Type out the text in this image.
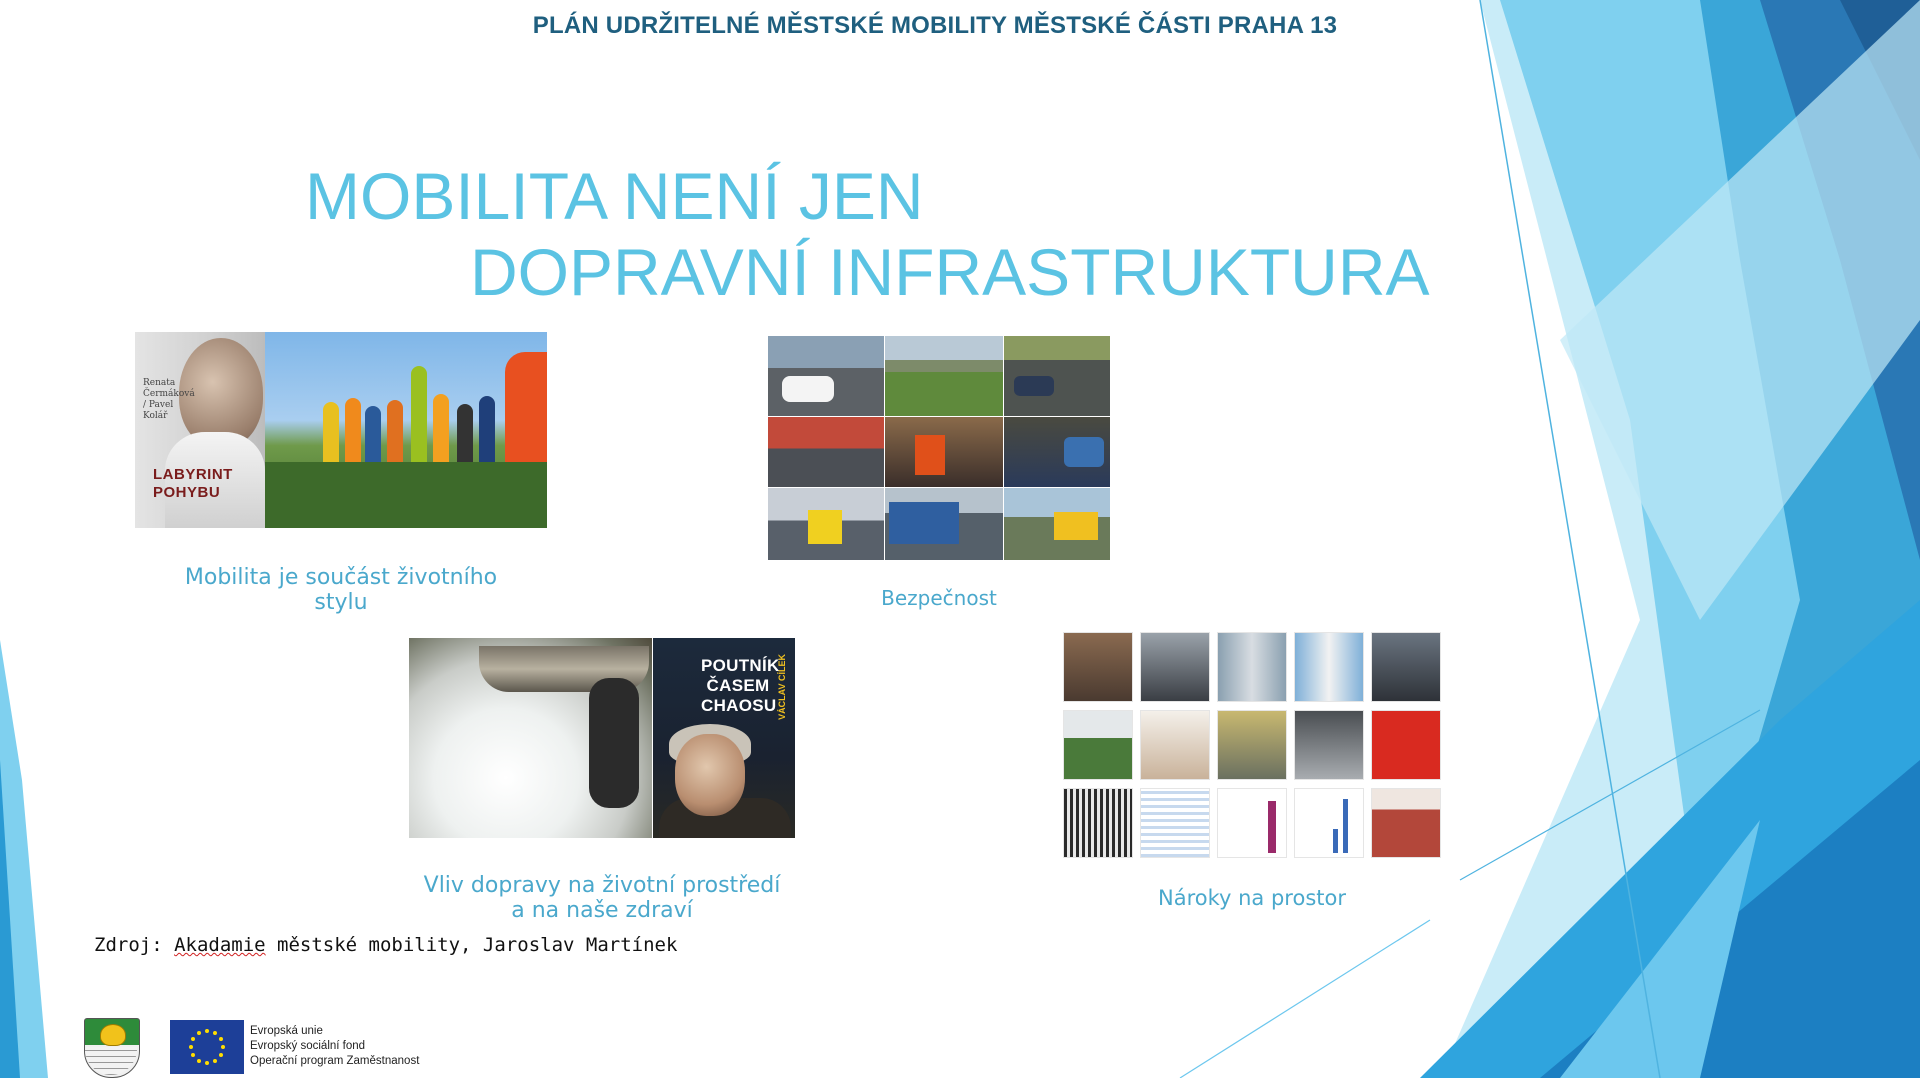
PLÁN UDRŽITELNÉ MĚSTSKÉ MOBILITY MĚSTSKÉ ČÁSTI PRAHA 13
MOBILITA NENÍ JEN
DOPRAVNÍ INFRASTRUKTURA
Renata Čermáková / Pavel Kolář
LABYRINT
POHYBU
Mobilita je součást životního
stylu	Bezpečnost
POUTNÍK ČASEM CHAOSU VÁCLAV CÍLEK
Vliv dopravy na životní prostředí
a na naše zdraví	Nároky na prostor
Zdroj: Akadamie městské mobility, Jaroslav Martínek
Evropská unie
Evropský sociální fond
Operační program Zaměstnanost
